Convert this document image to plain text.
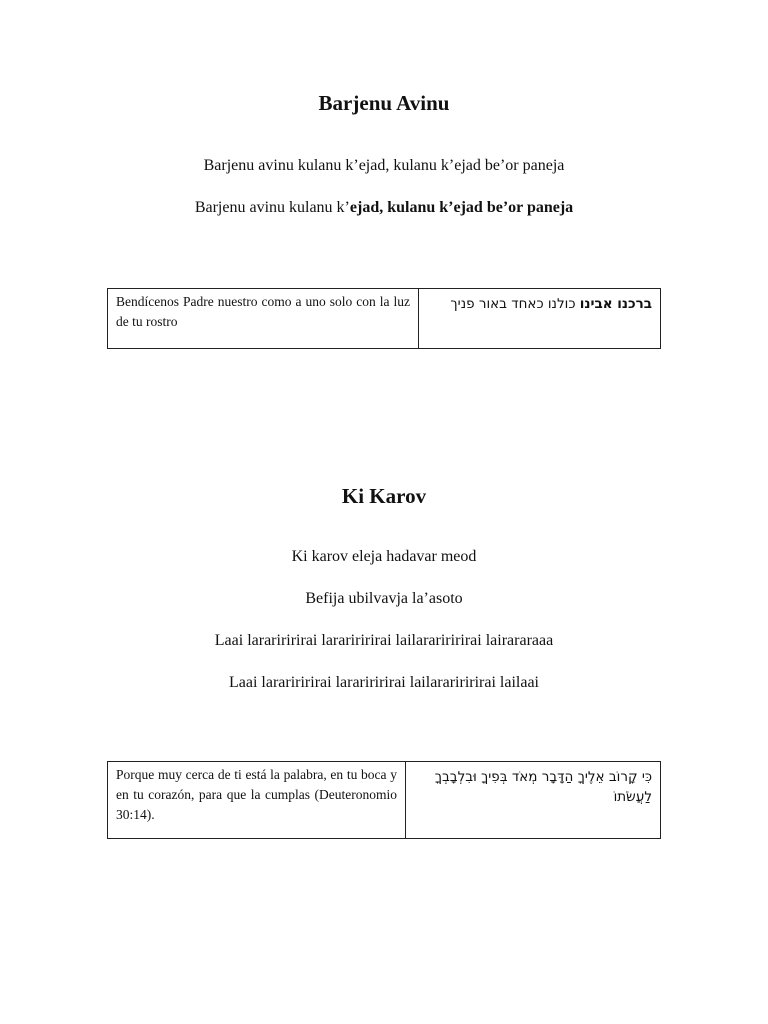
Barjenu Avinu

Barjenu avinu kulanu k’ejad, kulanu k’ejad be’or paneja

Barjenu avinu kulanu k’ejad, kulanu k’ejad be’or paneja

Bendícenos Padre nuestro como a uno solo con la luz de tu rostro	ברכנו אבינו כולנו כאחד באור פניך
Ki Karov

Ki karov eleja hadavar meod

Befija ubilvavja la’asoto

Laai larariririrai larariririrai lailarariririrai lairararaaa

Laai larariririrai larariririrai lailarariririrai lailaai

Porque muy cerca de ti está la palabra, en tu boca y en tu corazón, para que la cumplas (Deuteronomio 30:14).	כִּי קָרוֹב אֵלֶיךָ הַדָּבָר מְאֹד בְּפִיךָ וּבִלְבָבְךָ לַעֲשֹׂתוֹ
